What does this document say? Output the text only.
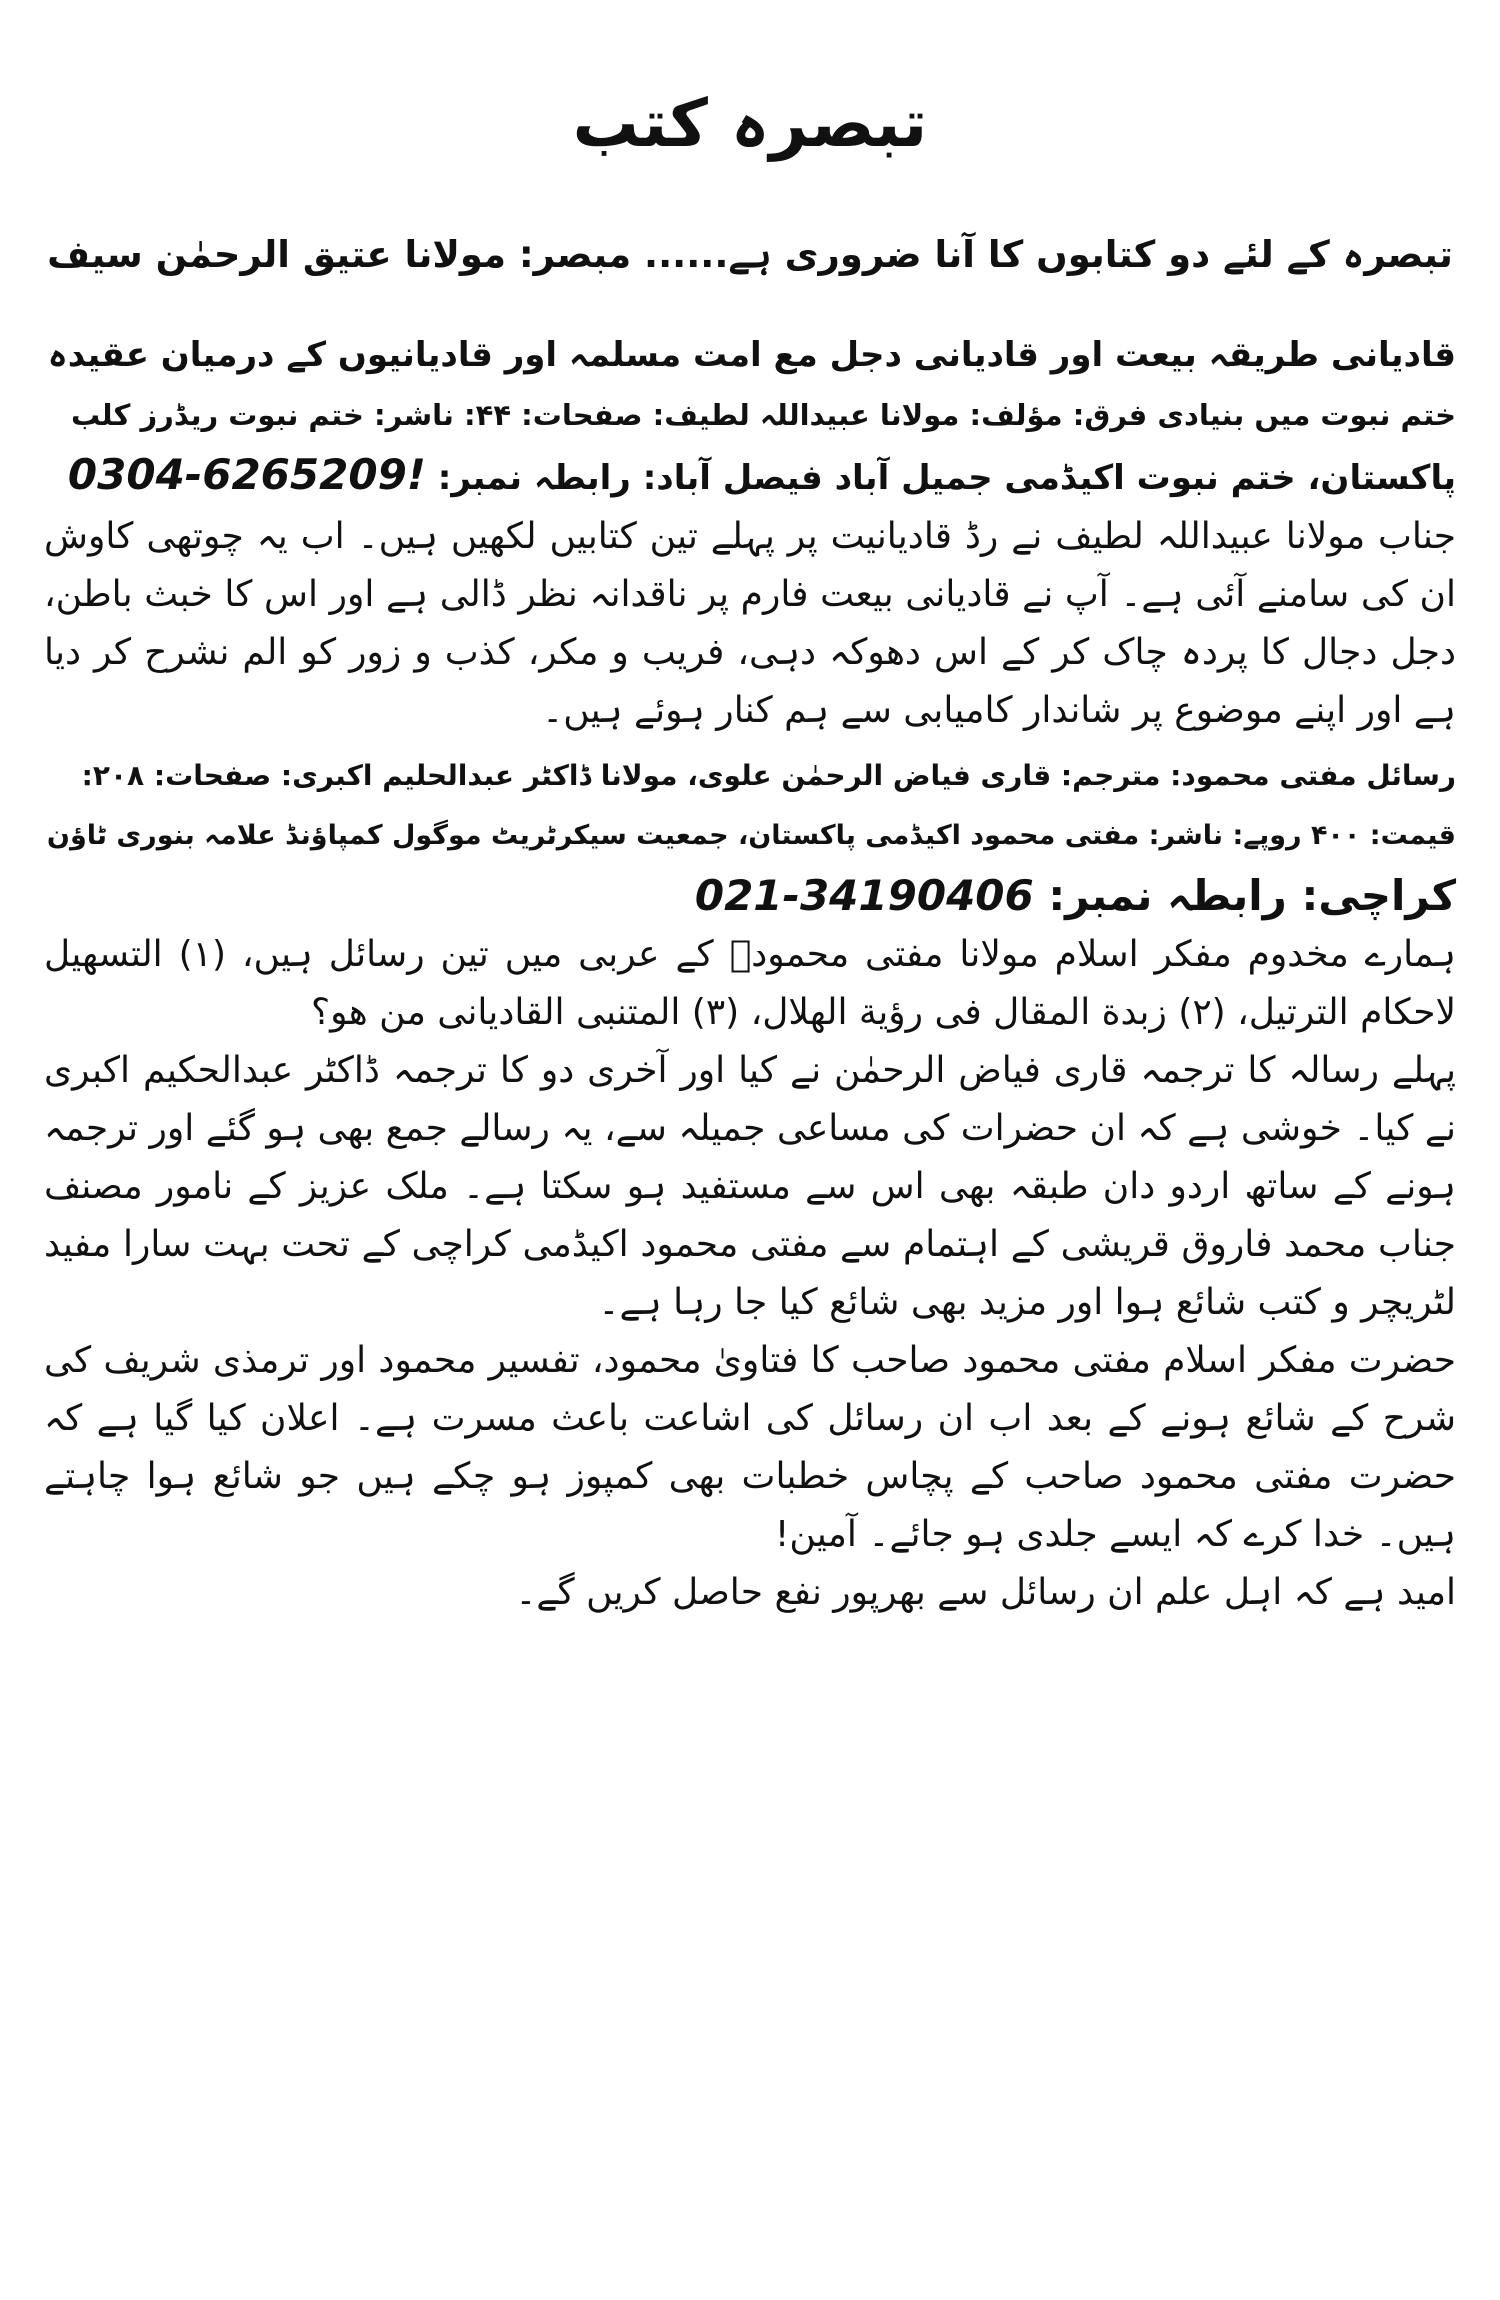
تبصرہ کتب
تبصرہ کے لئے دو کتابوں کا آنا ضروری ہے...... مبصر: مولانا عتیق الرحمٰن سیف
قادیانی طریقہ بیعت اور قادیانی دجل مع امت مسلمہ اور قادیانیوں کے درمیان عقیدہ
ختم نبوت میں بنیادی فرق: مؤلف: مولانا عبیداللہ لطیف: صفحات: ۴۴: ناشر: ختم نبوت ریڈرز کلب
پاکستان، ختم نبوت اکیڈمی جمیل آباد فیصل آباد: رابطہ نمبر: 0304-6265209!

جناب مولانا عبیداللہ لطیف نے رڈ قادیانیت پر پہلے تین کتابیں لکھیں ہیں۔ اب یہ چوتھی کاوش ان کی سامنے آئی ہے۔ آپ نے قادیانی بیعت فارم پر ناقدانہ نظر ڈالی ہے اور اس کا خبث باطن، دجل دجال کا پردہ چاک کر کے اس دھوکہ دہی، فریب و مکر، کذب و زور کو الم نشرح کر دیا ہے اور اپنے موضوع پر شاندار کامیابی سے ہم کنار ہوئے ہیں۔

رسائل مفتی محمود: مترجم: قاری فیاض الرحمٰن علوی، مولانا ڈاکٹر عبدالحلیم اکبری: صفحات: ۲۰۸:
قیمت: ۴۰۰ روپے: ناشر: مفتی محمود اکیڈمی پاکستان، جمعیت سیکرٹریٹ موگول کمپاؤنڈ علامہ بنوری ٹاؤن
کراچی: رابطہ نمبر: 021-34190406

ہمارے مخدوم مفکر اسلام مولانا مفتی محمودؒ کے عربی میں تین رسائل ہیں، (۱) التسهيل لاحكام الترتيل، (۲) زبدة المقال فی رؤية الهلال، (۳) المتنبی القادیانی من هو؟

پہلے رسالہ کا ترجمہ قاری فیاض الرحمٰن نے کیا اور آخری دو کا ترجمہ ڈاکٹر عبدالحکیم اکبری نے کیا۔ خوشی ہے کہ ان حضرات کی مساعی جمیلہ سے، یہ رسالے جمع بھی ہو گئے اور ترجمہ ہونے کے ساتھ اردو دان طبقہ بھی اس سے مستفید ہو سکتا ہے۔ ملک عزیز کے نامور مصنف جناب محمد فاروق قریشی کے اہتمام سے مفتی محمود اکیڈمی کراچی کے تحت بہت سارا مفید لٹریچر و کتب شائع ہوا اور مزید بھی شائع کیا جا رہا ہے۔

حضرت مفکر اسلام مفتی محمود صاحب کا فتاویٰ محمود، تفسیر محمود اور ترمذی شریف کی شرح کے شائع ہونے کے بعد اب ان رسائل کی اشاعت باعث مسرت ہے۔ اعلان کیا گیا ہے کہ حضرت مفتی محمود صاحب کے پچاس خطبات بھی کمپوز ہو چکے ہیں جو شائع ہوا چاہتے ہیں۔ خدا کرے کہ ایسے جلدی ہو جائے۔ آمین!

امید ہے کہ اہل علم ان رسائل سے بھرپور نفع حاصل کریں گے۔
